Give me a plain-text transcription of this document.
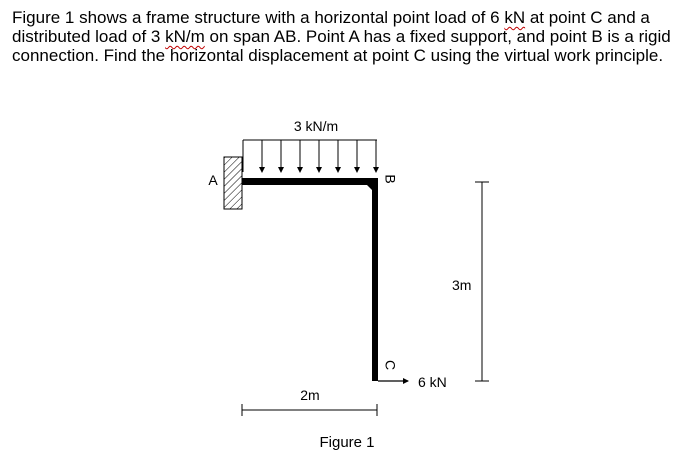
Figure 1 shows a frame structure with a horizontal point load of 6 kN at point C and a distributed load of 3 kN/m on span AB. Point A has a fixed support, and point B is a rigid connection. Find the horizontal displacement at point C using the virtual work principle.

3 kN/m
A	B
C
6 kN
3m
2m
Figure 1
